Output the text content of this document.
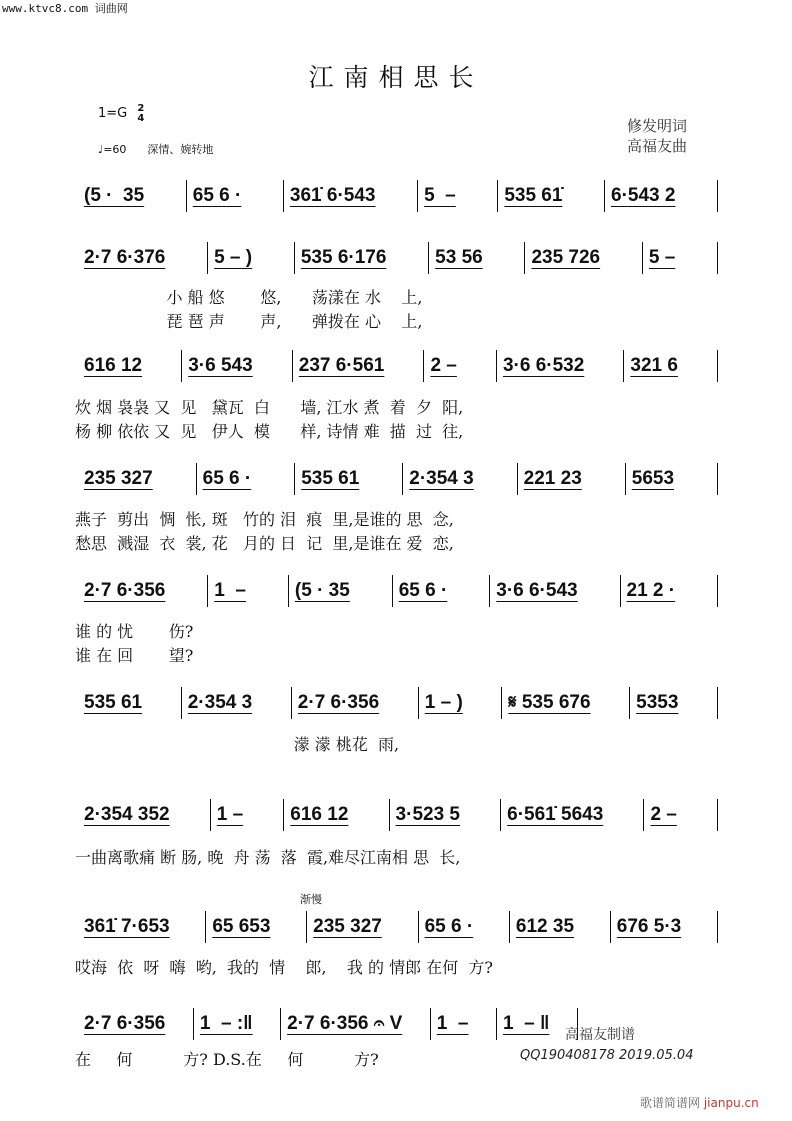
www.ktvc8.com 词曲网
江南相思长
1=G 2
4
♩=60 深情、婉转地
修发明词
高福友曲
(5 ·  35	65 6 ·	361̇ 6·543	5  –	535 61̇	6·543 2
2·7 6·376	5 – )	535 6·176	53 56	235 726	5 –
小 船 悠       悠,      荡漾在 水    上,
琵 琶 声       声,      弹拨在 心    上,
616 12	3·6 543	237 6·561	2 –	3·6 6·532	321 6
炊 烟 袅袅 又  见   黛瓦  白      墙, 江水 煮  着  夕  阳,
杨 柳 依依 又  见   伊人  模      样, 诗情 难  描  过  往,
235 327	65 6 ·	535 61	2·354 3	221 23	5653
燕子  剪出  惆  怅, 斑   竹的 泪  痕  里,是谁的 思  念,
愁思  溅湿  衣  裳, 花   月的 日  记  里,是谁在 爱  恋,
2·7 6·356	1  –	(5 · 35	65 6 ·	3·6 6·543	21 2 ·
谁 的 忧       伤?
谁 在 回       望?
535 61	2·354 3	2·7 6·356	1 – )	𝄋 535 676	5353
濛 濛 桃花  雨,
2·354 352	1 –	616 12	3·523 5	6·561̇ 5643	2 –
一曲离歌痛 断 肠, 晚  舟 荡  落  霞,难尽江南相 思  长,
361̇ 7·653	65 653	235 327	65 6 ·	612 35	676 5·3
哎海  依  呀  嗨  哟,  我的  情    郎,    我 的 情郎 在何  方?
2·7 6·356	1  – :‖	2·7 6·356 𝄐 V	1  –	1  – ‖
在     何          方? D.S.在     何          方?
渐慢
高福友制谱
QQ190408178 2019.05.04
歌谱简谱网 jianpu.cn
